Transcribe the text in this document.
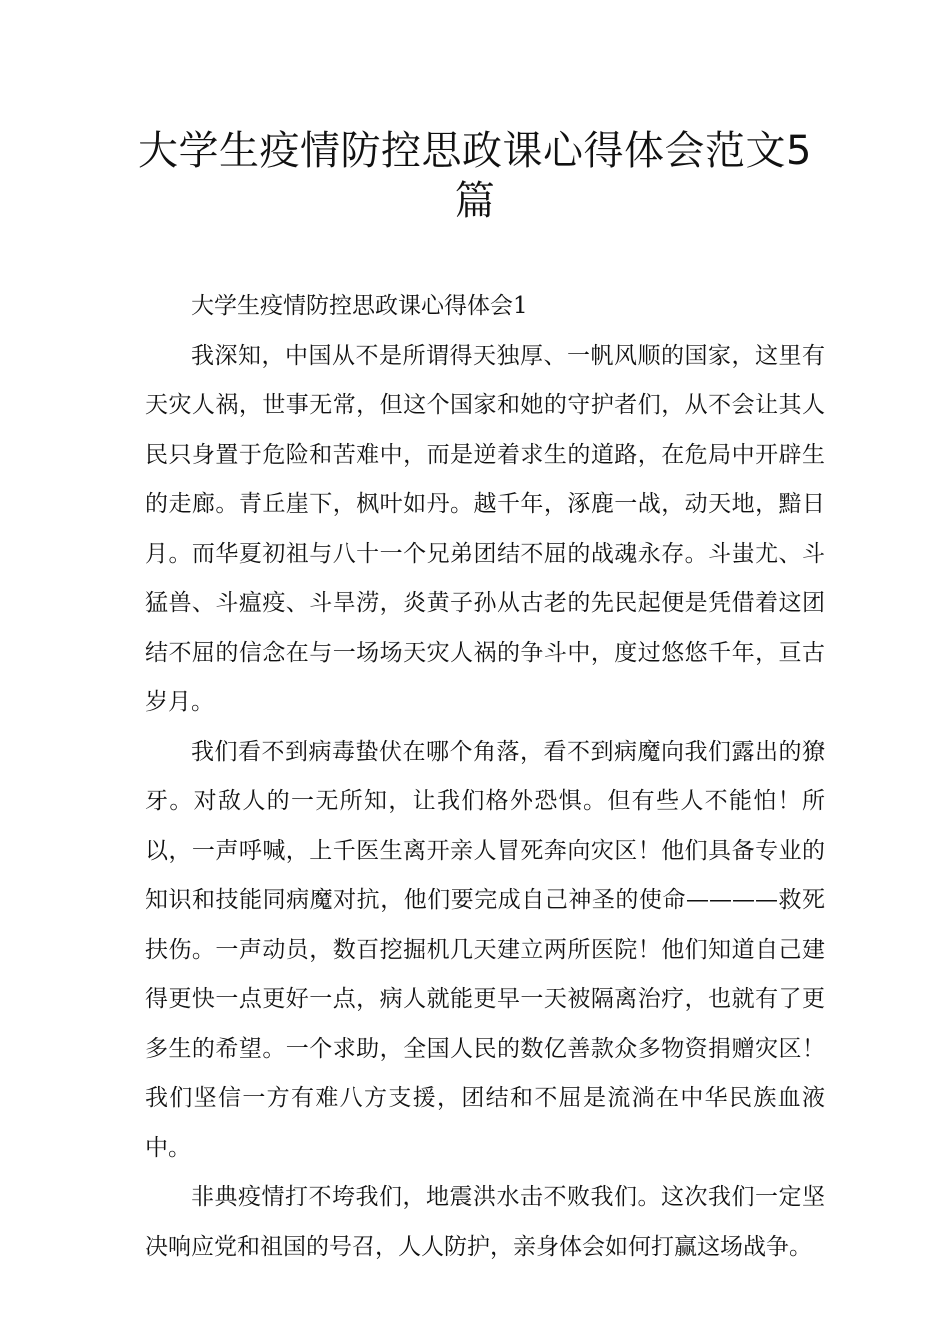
大学生疫情防控思政课心得体会范文5篇

大学生疫情防控思政课心得体会1

我深知，中国从不是所谓得天独厚、一帆风顺的国家，这里有天灾人祸，世事无常，但这个国家和她的守护者们，从不会让其人民只身置于危险和苦难中，而是逆着求生的道路，在危局中开辟生的走廊。青丘崖下，枫叶如丹。越千年，涿鹿一战，动天地，黯日月。而华夏初祖与八十一个兄弟团结不屈的战魂永存。斗蚩尤、斗猛兽、斗瘟疫、斗旱涝，炎黄子孙从古老的先民起便是凭借着这团结不屈的信念在与一场场天灾人祸的争斗中，度过悠悠千年，亘古岁月。

我们看不到病毒蛰伏在哪个角落，看不到病魔向我们露出的獠牙。对敌人的一无所知，让我们格外恐惧。但有些人不能怕！所以，一声呼喊，上千医生离开亲人冒死奔向灾区！他们具备专业的知识和技能同病魔对抗，他们要完成自己神圣的使命————救死扶伤。一声动员，数百挖掘机几天建立两所医院！他们知道自己建得更快一点更好一点，病人就能更早一天被隔离治疗，也就有了更多生的希望。一个求助，全国人民的数亿善款众多物资捐赠灾区！我们坚信一方有难八方支援，团结和不屈是流淌在中华民族血液中。

非典疫情打不垮我们，地震洪水击不败我们。这次我们一定坚决响应党和祖国的号召，人人防护，亲身体会如何打赢这场战争。
